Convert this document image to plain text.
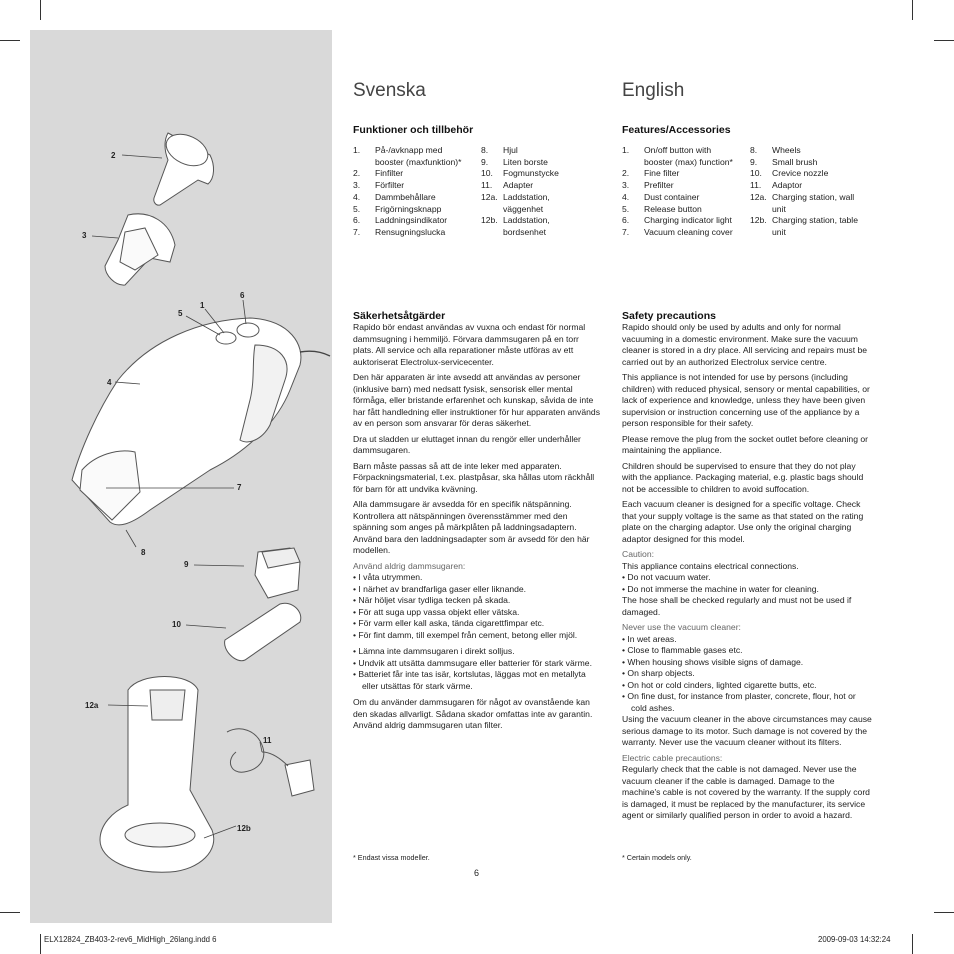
2
3
1
5
6
4
7
8
9
10
12a
11
12b
Svenska
Funktioner och tillbehör
1.	På-/avknapp med
booster (maxfunktion)*
2.	Finfilter
3.	Förfilter
4.	Dammbehållare
5.	Frigörningsknapp
6.	Laddningsindikator
7.	Rensugningslucka
8.	Hjul
9.	Liten borste
10.	Fogmunstycke
11.	Adapter
12a. Laddstation,
väggenhet
12b. Laddstation,
bordsenhet
Säkerhetsåtgärder

Rapido bör endast användas av vuxna och endast för normal dammsugning i hemmiljö. Förvara dammsugaren på en torr plats. All service och alla reparationer måste utföras av ett auktoriserat Electrolux-servicecenter.

Den här apparaten är inte avsedd att användas av personer (inklusive barn) med nedsatt fysisk, sensorisk eller mental förmåga, eller bristande erfarenhet och kunskap, såvida de inte har fått handledning eller instruktioner för hur apparaten används av en person som ansvarar för deras säkerhet.

Dra ut sladden ur eluttaget innan du rengör eller underhåller dammsugaren.

Barn måste passas så att de inte leker med apparaten. Förpackningsmaterial, t.ex. plastpåsar, ska hållas utom räckhåll för barn för att undvika kvävning.

Alla dammsugare är avsedda för en specifik nätspänning. Kontrollera att nätspänningen överensstämmer med den spänning som anges på märkplåten på laddningsadaptern. Använd bara den laddningsadapter som är avsedd för den här modellen.

Använd aldrig dammsugaren:
• I våta utrymmen.
• I närhet av brandfarliga gaser eller liknande.
• När höljet visar tydliga tecken på skada.
• För att suga upp vassa objekt eller vätska.
• För varm eller kall aska, tända cigarettfimpar etc.
• För fint damm, till exempel från cement, betong eller mjöl.
• Lämna inte dammsugaren i direkt solljus.
• Undvik att utsätta dammsugare eller batterier för stark värme.
• Batteriet får inte tas isär, kortslutas, läggas mot en metallyta eller utsättas för stark värme.

Om du använder dammsugaren för något av ovanstående kan den skadas allvarligt. Sådana skador omfattas inte av garantin. Använd aldrig dammsugaren utan filter.

* Endast vissa modeller.
English
Features/Accessories
1.	On/off button with
booster (max) function*
2.	Fine filter
3.	Prefilter
4.	Dust container
5.	Release button
6.	Charging indicator light
7.	Vacuum cleaning cover
8.	Wheels
9.	Small brush
10.	Crevice nozzle
11.	Adaptor
12a. Charging station, wall
unit
12b. Charging station, table
unit
Safety precautions

Rapido should only be used by adults and only for normal vacuuming in a domestic environment. Make sure the vacuum cleaner is stored in a dry place. All servicing and repairs must be carried out by an authorized Electrolux service centre.

This appliance is not intended for use by persons (including children) with reduced physical, sensory or mental capabilities, or lack of experience and knowledge, unless they have been given supervision or instruction concerning use of the appliance by a person responsible for their safety.

Please remove the plug from the socket outlet before cleaning or maintaining the appliance.

Children should be supervised to ensure that they do not play with the appliance. Packaging material, e.g. plastic bags should not be accessible to children to avoid suffocation.

Each vacuum cleaner is designed for a specific voltage. Check that your supply voltage is the same as that stated on the rating plate on the charging adaptor. Use only the original charging adaptor designed for this model.

Caution:
This appliance contains electrical connections.
• Do not vacuum water.
• Do not immerse the machine in water for cleaning.
The hose shall be checked regularly and must not be used if damaged.
Never use the vacuum cleaner:
• In wet areas.
• Close to flammable gases etc.
• When housing shows visible signs of damage.
• On sharp objects.
• On hot or cold cinders, lighted cigarette butts, etc.
• On fine dust, for instance from plaster, concrete, flour, hot or cold ashes.

Using the vacuum cleaner in the above circumstances may cause serious damage to its motor. Such damage is not covered by the warranty. Never use the vacuum cleaner without its filters.

Electric cable precautions:

Regularly check that the cable is not damaged. Never use the vacuum cleaner if the cable is damaged. Damage to the machine's cable is not covered by the warranty. If the supply cord is damaged, it must be replaced by the manufacturer, its service agent or similarly qualified person in order to avoid a hazard.

* Certain models only.
6
ELX12824_ZB403-2-rev6_MidHigh_26lang.indd 6	2009-09-03 14:32:24
